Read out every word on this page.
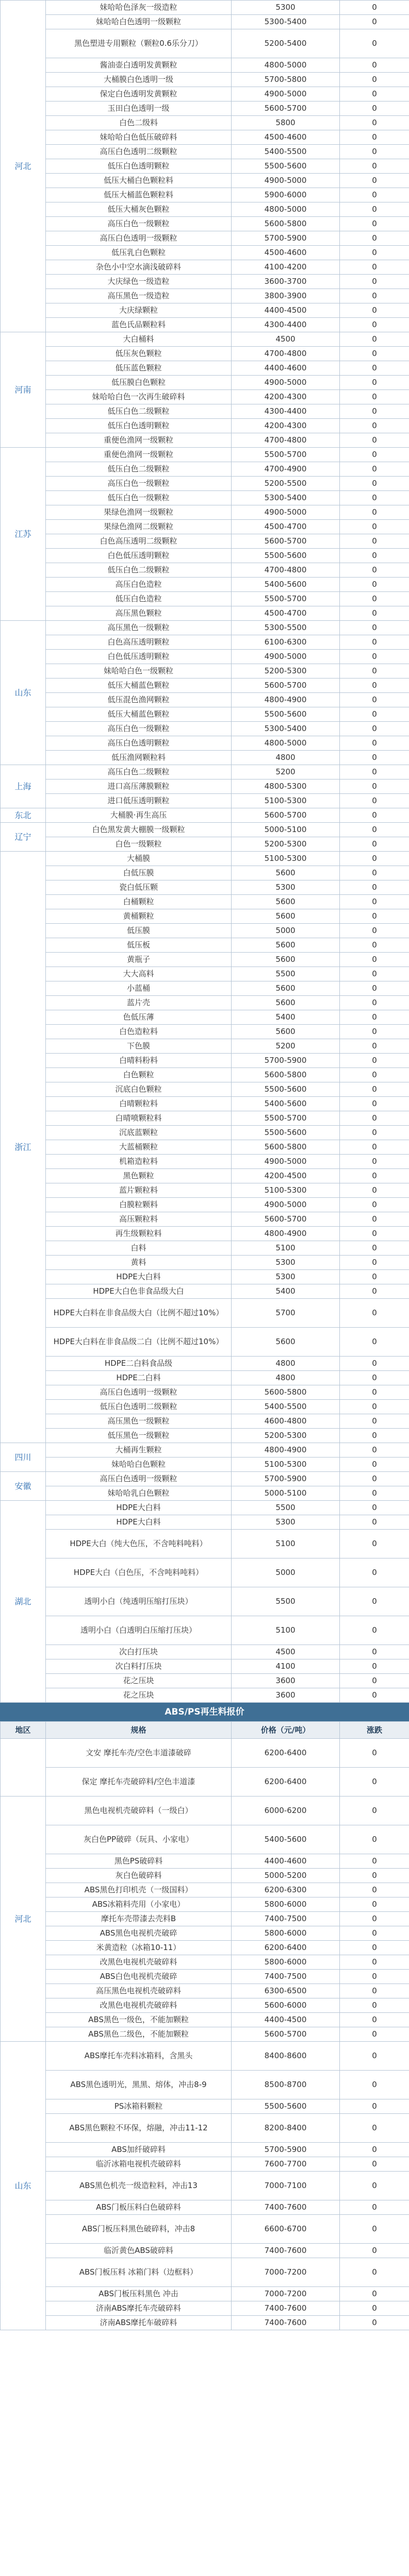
河北	妹哈哈色泽灰一级造粒	5300	0
	妹哈哈白色透明一级颗粒	5300-5400	0
	黑色塑进专用颗粒（颗粒0.6乐分刀）	5200-5400	0
	酱油壶白透明发黄颗粒	4800-5000	0
	大桶膜白色透明一级	5700-5800	0
	保定白色透明发黄颗粒	4900-5000	0
	玉田白色透明一级	5600-5700	0
	白色二级料	5800	0
	妹哈哈白色低压破碎料	4500-4600	0
	高压白色透明二级颗粒	5400-5500	0
	低压白色透明颗粒	5500-5600	0
	低压大桶白色颗粒料	4900-5000	0
	低压大桶蓝色颗粒料	5900-6000	0
	低压大桶灰色颗粒	4800-5000	0
	高压白色一级颗粒	5600-5800	0
	高压白色透明一级颗粒	5700-5900	0
	低压乳白色颗粒	4500-4600	0
	杂色小中空水滴浅破碎料	4100-4200	0
	大庆绿色一级造粒	3600-3700	0
	高压黑色一级造粒	3800-3900	0
	大庆绿颗粒	4400-4500	0
	蓝色氏品颗粒料	4300-4400	0
河南	大白桶料	4500	0
	低压灰色颗粒	4700-4800	0
	低压蓝色颗粒	4400-4600	0
	低压膜白色颗粒	4900-5000	0
	妹哈哈白色一次再生破碎料	4200-4300	0
	低压白色二级颗粒	4300-4400	0
	低压白色透明颗粒	4200-4300	0
	重便色渔网一级颗粒	4700-4800	0
江苏	重便色渔网一级颗粒	5500-5700	0
	低压白色二级颗粒	4700-4900	0
	高压白色一级颗粒	5200-5500	0
	低压白色一级颗粒	5300-5400	0
	果绿色渔网一级颗粒	4900-5000	0
	果绿色渔网二级颗粒	4500-4700	0
	白色高压透明二级颗粒	5600-5700	0
	白色低压透明颗粒	5500-5600	0
	低压白色二级颗粒	4700-4800	0
	高压白色造粒	5400-5600	0
	低压白色造粒	5500-5700	0
	高压黑色颗粒	4500-4700	0
山东	高压黑色一级颗粒	5300-5500	0
	白色高压透明颗粒	6100-6300	0
	白色低压透明颗粒	4900-5000	0
	妹哈哈白色一级颗粒	5200-5300	0
	低压大桶蓝色颗粒	5600-5700	0
	低压混色渔网颗粒	4800-4900	0
	低压大桶蓝色颗粒	5500-5600	0
	高压白色一级颗粒	5300-5400	0
	高压白色透明颗粒	4800-5000	0
	低压渔网颗粒料	4800	0
上海	高压白色二级颗粒	5200	0
	进口高压薄膜颗粒	4800-5300	0
	进口低压透明颗粒	5100-5300	0
东北	大桶膜·再生高压	5600-5700	0
辽宁	白色黑发黄大棚膜一级颗粒	5000-5100	0
	白色一级颗粒	5200-5300	0
浙江	大桶膜	5100-5300	0
	白低压膜	5600	0
	瓷白低压颗	5300	0
	白桶颗粒	5600	0
	黄桶颗粒	5600	0
	低压膜	5000	0
	低压板	5600	0
	黄瓶子	5600	0
	大大高料	5500	0
	小蓝桶	5600	0
	蓝片壳	5600	0
	色低压薄	5400	0
	白色造粒料	5600	0
	下色膜	5200	0
	白晴料粉料	5700-5900	0
	白色颗粒	5600-5800	0
	沉底白色颗粒	5500-5600	0
	白晴颗粒料	5400-5600	0
	白晴喷颗粒料	5500-5700	0
	沉底蓝颗粒	5500-5600	0
	大蓝桶颗粒	5600-5800	0
	机箱造粒料	4900-5000	0
	黑色颗粒	4200-4500	0
	蓝片颗粒料	5100-5300	0
	白膜粒颗料	4900-5000	0
	高压颗粒料	5600-5700	0
	再生级颗粒料	4800-4900	0
	白料	5100	0
	黄料	5300	0
	HDPE大白料	5300	0
	HDPE大白色非食品级大白	5400	0
	HDPE大白料在非食品级大白（比例不超过10%）	5700	0
	HDPE大白料在非食品级二白（比例不超过10%）	5600	0
	HDPE二白料食品级	4800	0
	HDPE二白料	4800	0
	高压白色透明一级颗粒	5600-5800	0
	低压白色透明二级颗粒	5400-5500	0
	高压黑色一级颗粒	4600-4800	0
	低压黑色一级颗粒	5200-5300	0
四川	大桶再生颗粒	4800-4900	0
	妹哈哈白色颗粒	5100-5300	0
安徽	高压白色透明一级颗粒	5700-5900	0
	妹哈哈乳白色颗粒	5000-5100	0
湖北	HDPE大白料	5500	0
	HDPE大白料	5300	0
	HDPE大白（纯大色压，不含吨料吨料）	5100	0
	HDPE大白（白色压，不含吨料吨料）	5000	0
	透明小白（纯透明压缩打压块）	5500	0
	透明小白（白透明白压缩打压块）	5100	0
	次白打压块	4500	0
	次白料打压块	4100	0
	花之压块	3600	0
	花之压块	3600	0
ABS/PS再生料报价
地区	规格	价格（元/吨）	涨跌
	文安 摩托车壳/空色丰道漆破碎	6200-6400	0
	保定 摩托车壳破碎料/空色丰道漆	6200-6400	0
河北	黑色电视机壳破碎料（一级白）	6000-6200	0
	灰白色PP破碎（玩具、小家电）	5400-5600	0
	黑色PS破碎料	4400-4600	0
	灰白色破碎料	5000-5200	0
	ABS黑色打印机壳（一级国料）	6200-6300	0
	ABS冰箱料壳用（小家电）	5800-6000	0
	摩托车壳带漆去壳料B	7400-7500	0
	ABS黑色电视机壳破碎	5800-6000	0
	米黄造粒（冰箱10-11）	6200-6400	0
	改黑色电视机壳破碎料	5800-6000	0
	ABS白色电视机壳破碎	7400-7500	0
	高压黑色电视机壳破碎料	6300-6500	0
	改黑色电视机壳破碎料	5600-6000	0
	ABS黑色一级色，不能加颗粒	4400-4500	0
	ABS黑色二级色，不能加颗粒	5600-5700	0
山东	ABS摩托车壳料冰箱料，含黑头	8400-8600	0
	ABS黑色透明光，黑黑、熔体，冲击8-9	8500-8700	0
	PS冰箱料颗粒	5500-5600	0
	ABS黑色颗粒不环保，熔融，冲击11-12	8200-8400	0
	ABS加纤破碎料	5700-5900	0
	临沂冰箱电视机壳破碎料	7600-7700	0
	ABS黑色机壳一级造粒料，冲击13	7000-7100	0
	ABS门板压料白色破碎料	7400-7600	0
	ABS门板压料黑色破碎料，冲击8	6600-6700	0
	临沂黄色ABS破碎料	7400-7600	0
	ABS门板压料 冰箱门料（边框料）	7000-7200	0
	ABS门板压料黑色 冲击	7000-7200	0
	济南ABS摩托车壳破碎料	7400-7600	0
	济南ABS摩托车破碎料	7400-7600	0
